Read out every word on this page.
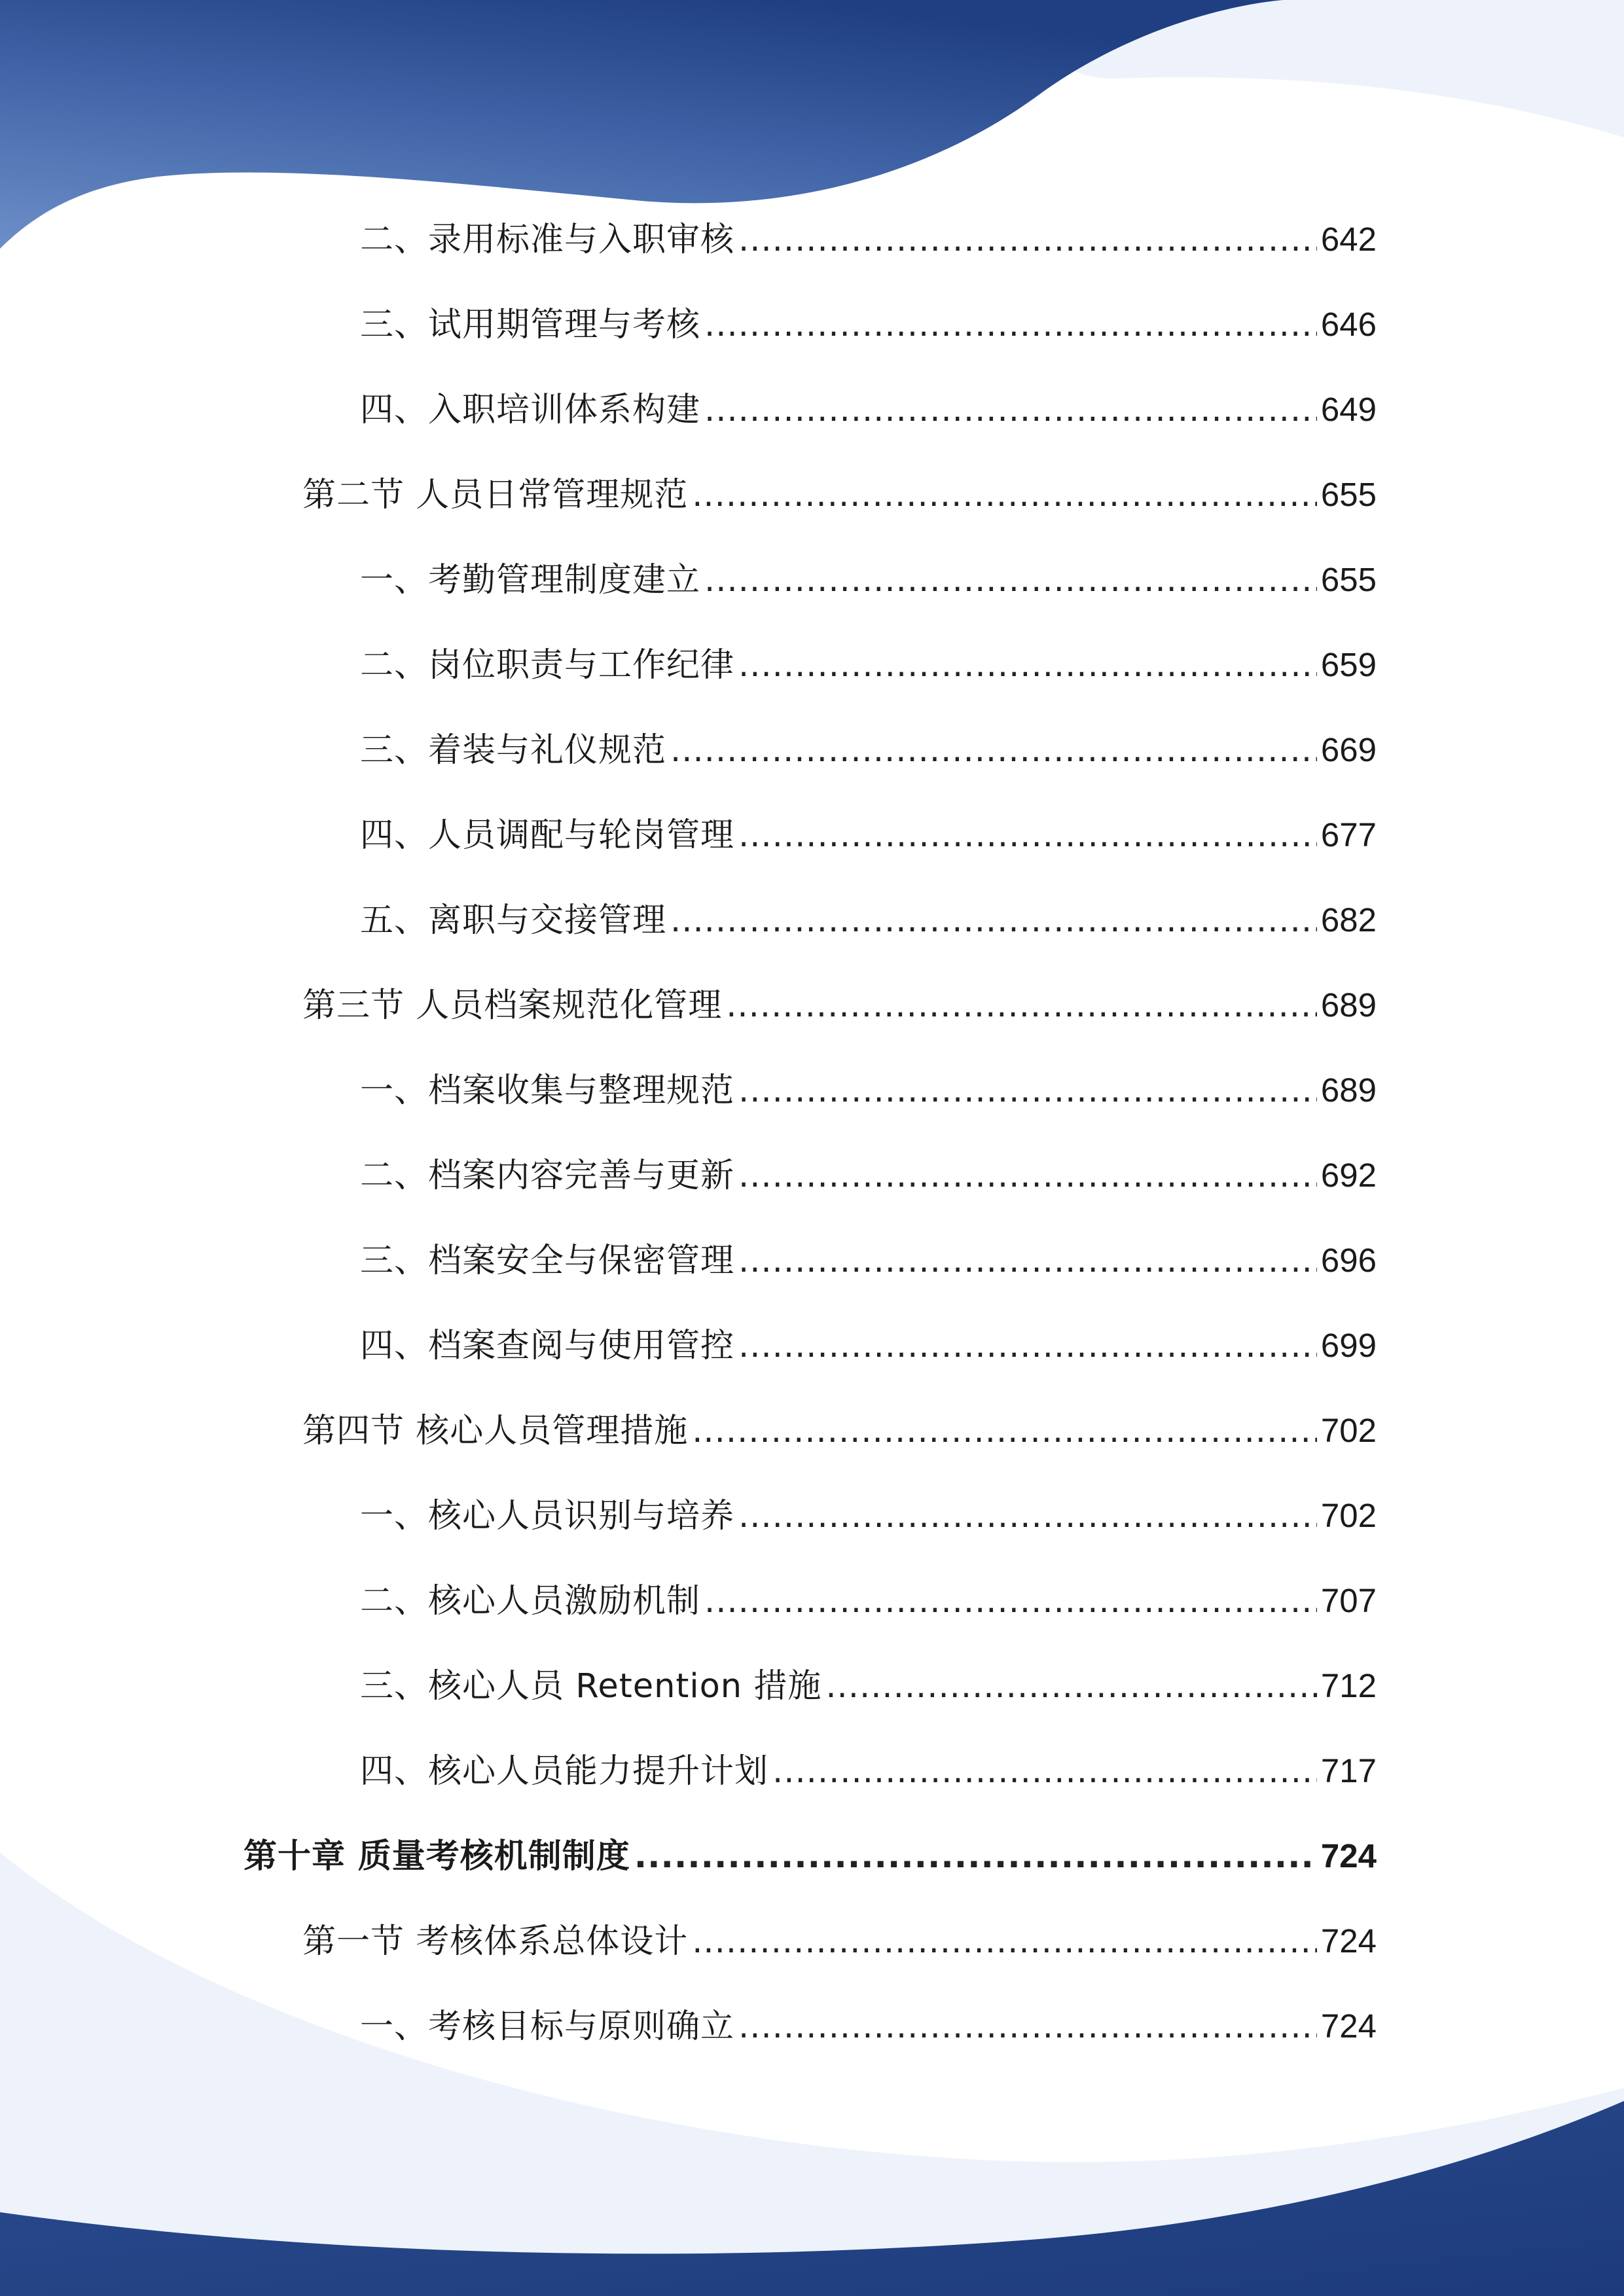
二、录用标准与入职审核 .....	642
三、试用期管理与考核 .....	646
四、入职培训体系构建 .....	649
第二节 人员日常管理规范 .....	655
一、考勤管理制度建立 .....	655
二、岗位职责与工作纪律 .....	659
三、着装与礼仪规范 .....	669
四、人员调配与轮岗管理 .....	677
五、离职与交接管理 .....	682
第三节 人员档案规范化管理 .....	689
一、档案收集与整理规范 .....	689
二、档案内容完善与更新 .....	692
三、档案安全与保密管理 .....	696
四、档案查阅与使用管控 .....	699
第四节 核心人员管理措施 .....	702
一、核心人员识别与培养 .....	702
二、核心人员激励机制 .....	707
三、核心人员 Retention 措施 .....	712
四、核心人员能力提升计划 .....	717
第十章 质量考核机制制度 .....	724
第一节 考核体系总体设计 .....	724
一、考核目标与原则确立 .....	724
